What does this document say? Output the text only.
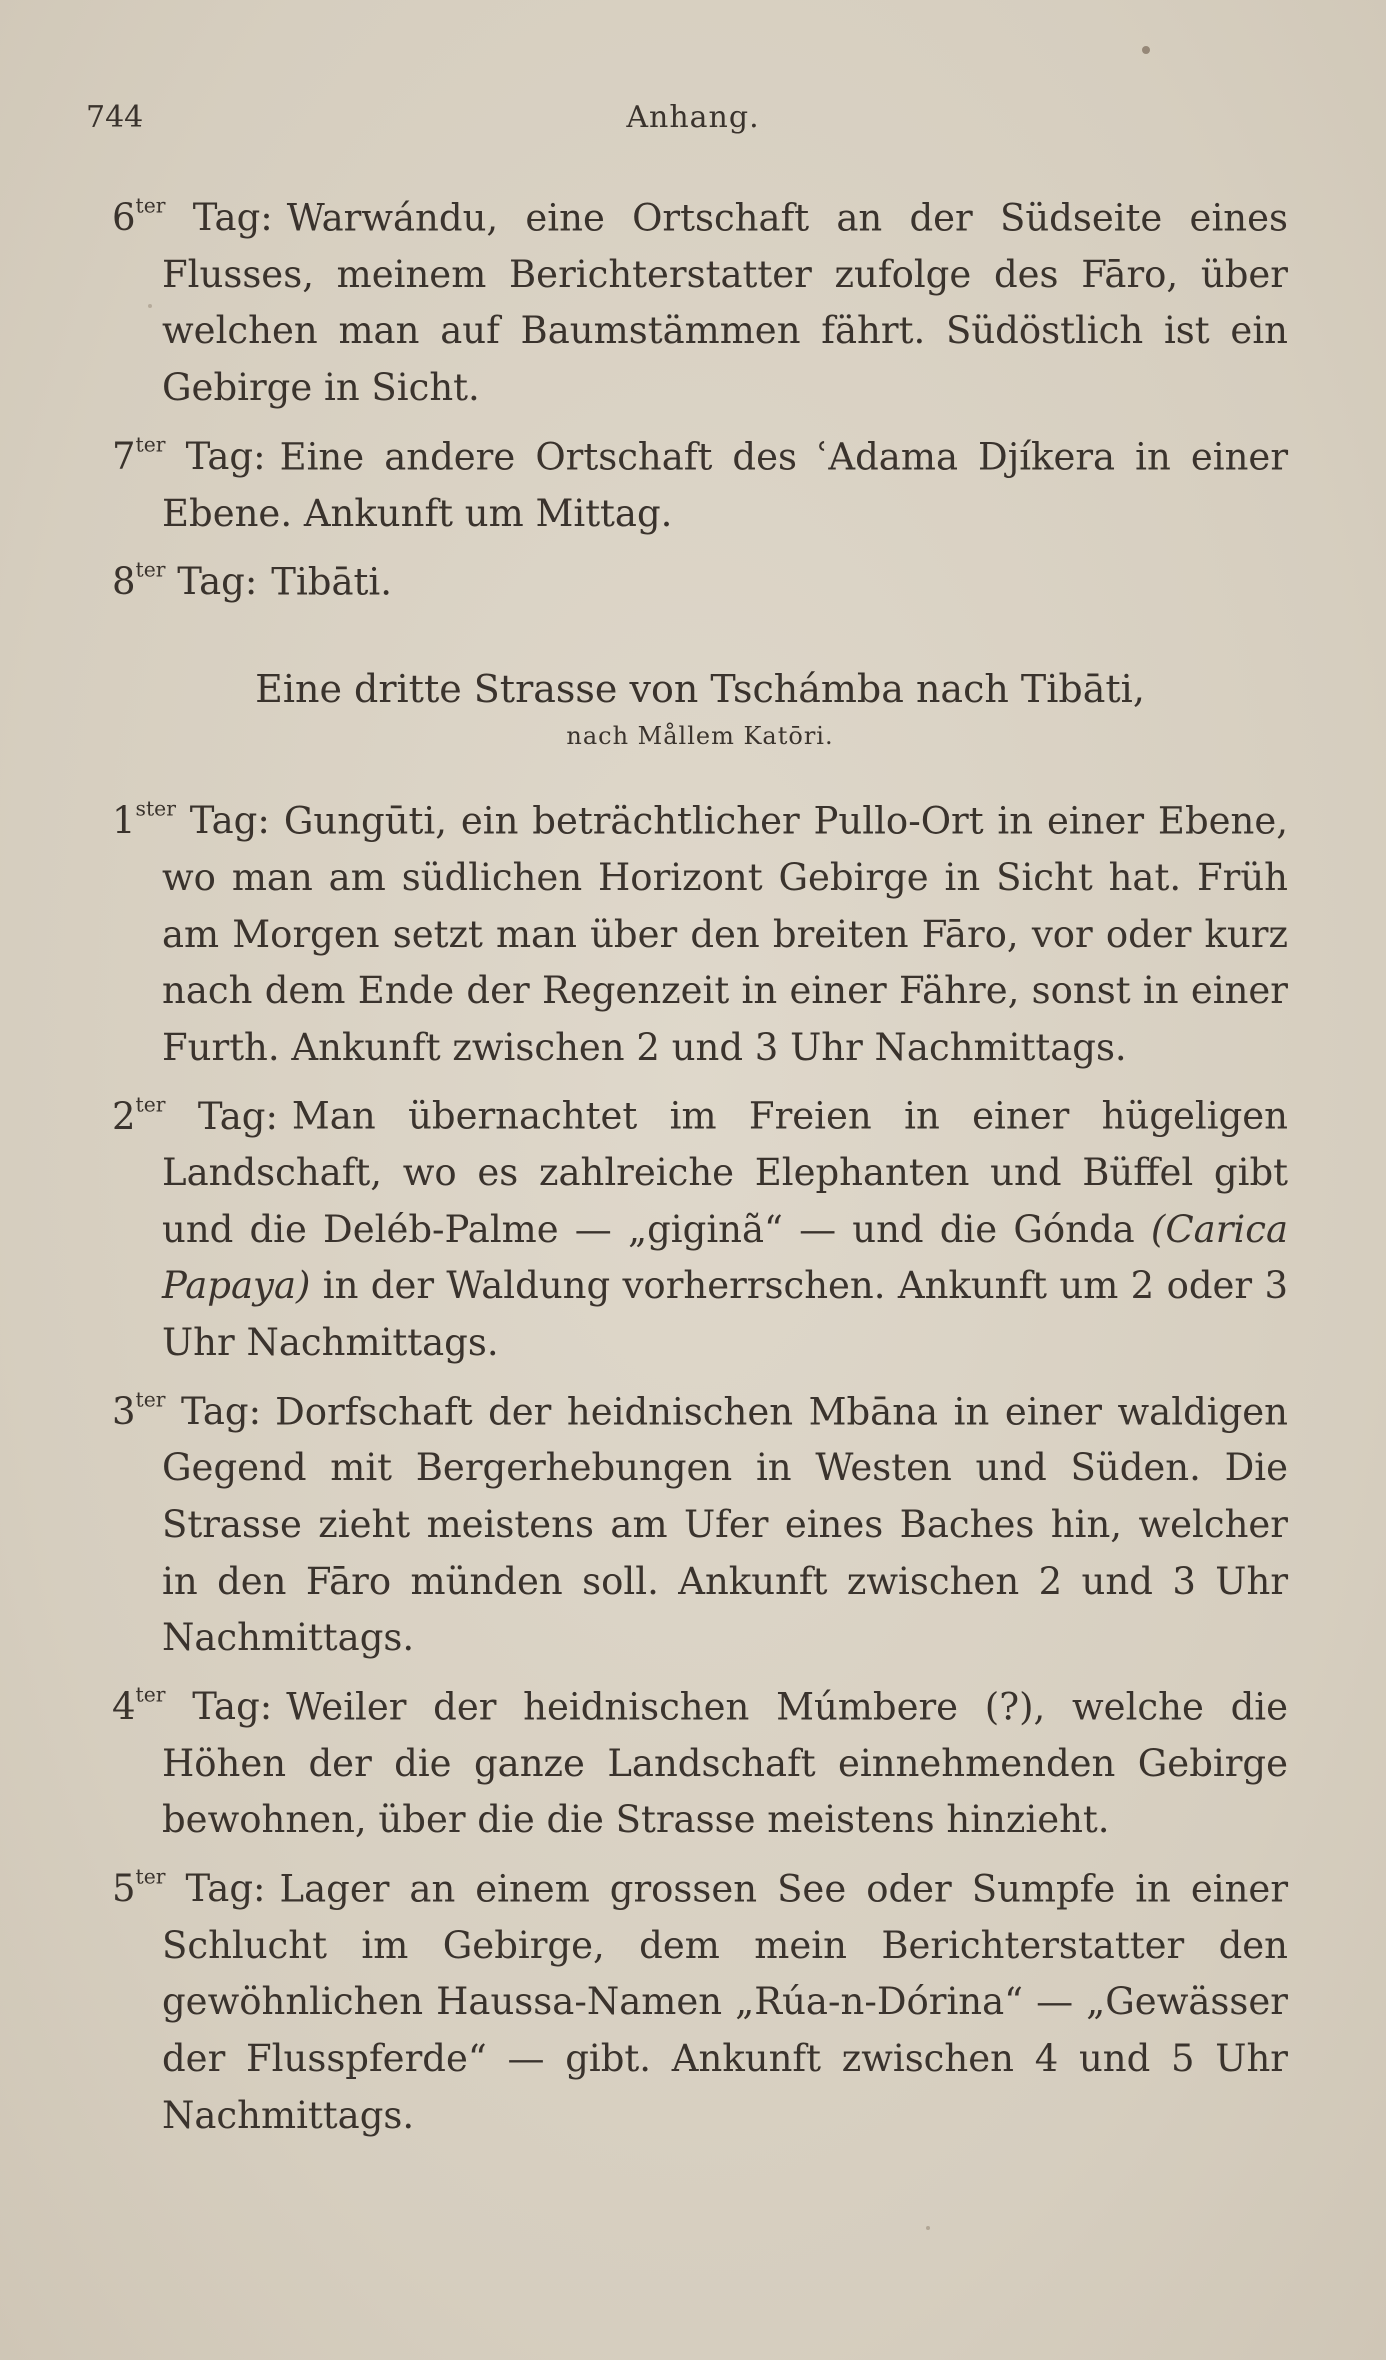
744	Anhang.

$6^{ter}$ Tag: Warwándu, eine Ortschaft an der Südseite eines Flusses, meinem Berichterstatter zufolge des Fāro, über welchen man auf Baumstämmen fährt. Südöstlich ist ein Gebirge in Sicht.

$7^{ter}$ Tag: Eine andere Ortschaft des ʿAdama Djíkera in einer Ebene. Ankunft um Mittag.

$8^{ter}$ Tag: Tibāti.

Eine dritte Strasse von Tschámba nach Tibāti,
nach Mållem Katōri.

$1^{ster}$ Tag: Gungūti, ein beträchtlicher Pullo-Ort in einer Ebene, wo man am südlichen Horizont Gebirge in Sicht hat. Früh am Morgen setzt man über den breiten Fāro, vor oder kurz nach dem Ende der Regenzeit in einer Fähre, sonst in einer Furth. Ankunft zwischen 2 und 3 Uhr Nachmittags.

$2^{ter}$ Tag: Man übernachtet im Freien in einer hügeligen Landschaft, wo es zahlreiche Elephanten und Büffel gibt und die Deléb-Palme — „giginã“ — und die Gónda (Carica Papaya) in der Waldung vorherrschen. Ankunft um 2 oder 3 Uhr Nachmittags.

$3^{ter}$ Tag: Dorfschaft der heidnischen Mbāna in einer waldigen Gegend mit Bergerhebungen in Westen und Süden. Die Strasse zieht meistens am Ufer eines Baches hin, welcher in den Fāro münden soll. Ankunft zwischen 2 und 3 Uhr Nachmittags.

$4^{ter}$ Tag: Weiler der heidnischen Múmbere (?), welche die Höhen der die ganze Landschaft einnehmenden Gebirge bewohnen, über die die Strasse meistens hinzieht.

$5^{ter}$ Tag: Lager an einem grossen See oder Sumpfe in einer Schlucht im Gebirge, dem mein Berichterstatter den gewöhnlichen Haussa-Namen „Rúa-n-Dórina“ — „Gewässer der Flusspferde“ — gibt. Ankunft zwischen 4 und 5 Uhr Nachmittags.
